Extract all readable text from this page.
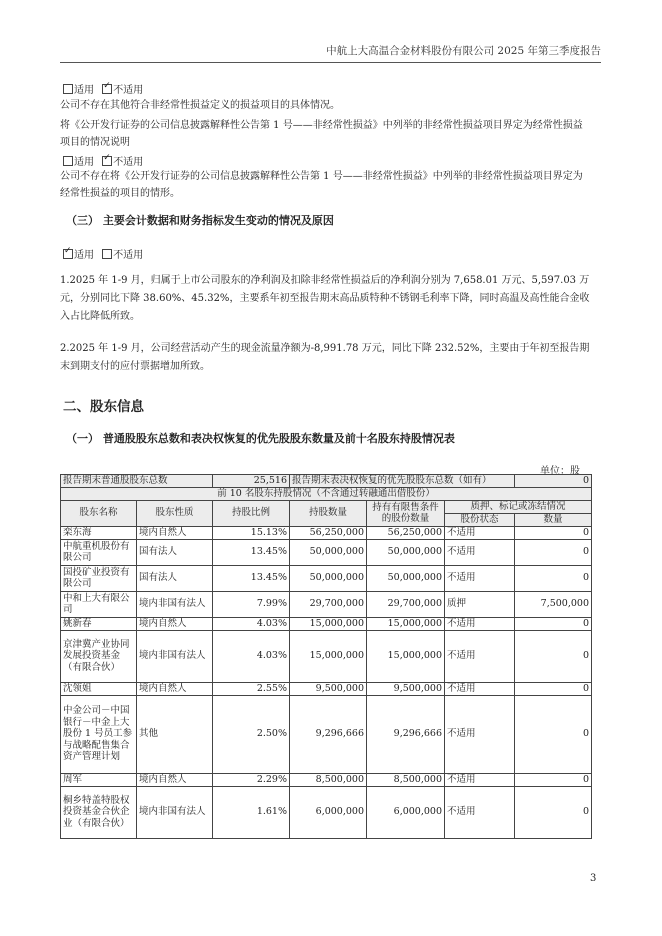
中航上大高温合金材料股份有限公司 2025 年第三季度报告
适用 ✓ 不适用
公司不存在其他符合非经常性损益定义的损益项目的具体情况。
将《公开发行证券的公司信息披露解释性公告第 1 号——非经常性损益》中列举的非经常性损益项目界定为经常性损益项目的情况说明
适用 ✓ 不适用
公司不存在将《公开发行证券的公司信息披露解释性公告第 1 号——非经常性损益》中列举的非经常性损益项目界定为经常性损益的项目的情形。
（三） 主要会计数据和财务指标发生变动的情况及原因
✓适用 不适用
1.2025 年 1-9 月，归属于上市公司股东的净利润及扣除非经常性损益后的净利润分别为 7,658.01 万元、5,597.03 万元，分别同比下降 38.60%、45.32%，主要系年初至报告期末高品质特种不锈钢毛利率下降，同时高温及高性能合金收入占比降低所致。
2.2025 年 1-9 月，公司经营活动产生的现金流量净额为-8,991.78 万元，同比下降 232.52%，主要由于年初至报告期末到期支付的应付票据增加所致。
二、股东信息
（一） 普通股股东总数和表决权恢复的优先股股东数量及前十名股东持股情况表
单位：股
报告期末普通股股东总数		25,516	报告期末表决权恢复的优先股股东总数（如有）			0
前 10 名股东持股情况（不含通过转融通出借股份）						
股东名称	股东性质	持股比例	持股数量	持有有限售条件的股份数量	质押、标记或冻结情况	
					股份状态	数量
栾东海	境内自然人	15.13%	56,250,000	56,250,000	不适用	0
中航重机股份有限公司	国有法人	13.45%	50,000,000	50,000,000	不适用	0
国投矿业投资有限公司	国有法人	13.45%	50,000,000	50,000,000	不适用	0
中和上大有限公司	境内非国有法人	7.99%	29,700,000	29,700,000	质押	7,500,000
姚新春	境内自然人	4.03%	15,000,000	15,000,000	不适用	0
京津冀产业协同发展投资基金（有限合伙）	境内非国有法人	4.03%	15,000,000	15,000,000	不适用	0
沈领姐	境内自然人	2.55%	9,500,000	9,500,000	不适用	0
中金公司－中国银行－中金上大股份 1 号员工参与战略配售集合资产管理计划	其他	2.50%	9,296,666	9,296,666	不适用	0
周军	境内自然人	2.29%	8,500,000	8,500,000	不适用	0
桐乡特盖特股权投资基金合伙企业（有限合伙）	境内非国有法人	1.61%	6,000,000	6,000,000	不适用	0
3
